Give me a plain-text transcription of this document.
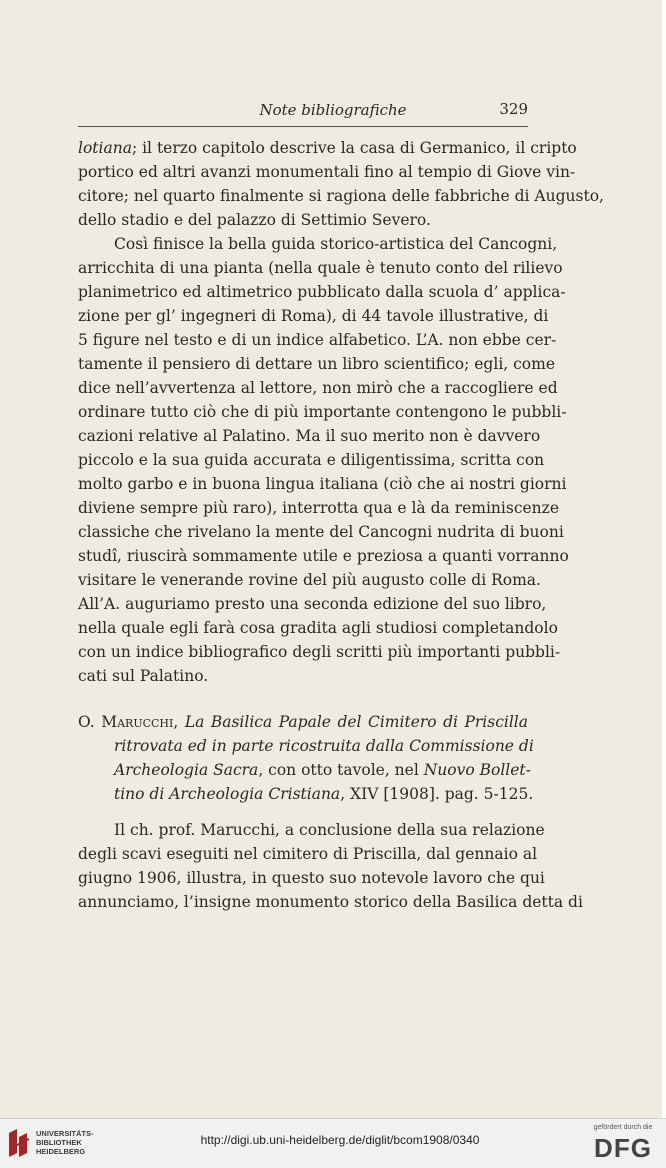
Note bibliografiche	329
lotiana; il terzo capitolo descrive la casa di Germanico, il cripto
portico ed altri avanzi monumentali fino al tempio di Giove vin-
citore; nel quarto finalmente si ragiona delle fabbriche di Augusto,
dello stadio e del palazzo di Settimio Severo.
Così finisce la bella guida storico-artistica del Cancogni,
arricchita di una pianta (nella quale è tenuto conto del rilievo
planimetrico ed altimetrico pubblicato dalla scuola d’ applica-
zione per gl’ ingegneri di Roma), di 44 tavole illustrative, di
5 figure nel testo e di un indice alfabetico. L’A. non ebbe cer-
tamente il pensiero di dettare un libro scientifico; egli, come
dice nell’avvertenza al lettore, non mirò che a raccogliere ed
ordinare tutto ciò che di più importante contengono le pubbli-
cazioni relative al Palatino. Ma il suo merito non è davvero
piccolo e la sua guida accurata e diligentissima, scritta con
molto garbo e in buona lingua italiana (ciò che ai nostri giorni
diviene sempre più raro), interrotta qua e là da reminiscenze
classiche che rivelano la mente del Cancogni nudrita di buoni
studî, riuscirà sommamente utile e preziosa a quanti vorranno
visitare le venerande rovine del più augusto colle di Roma.
All’A. auguriamo presto una seconda edizione del suo libro,
nella quale egli farà cosa gradita agli studiosi completandolo
con un indice bibliografico degli scritti più importanti pubbli-
cati sul Palatino.
O. Marucchi, La Basilica Papale del Cimitero di Priscilla
ritrovata ed in parte ricostruita dalla Commissione di
Archeologia Sacra, con otto tavole, nel Nuovo Bollet-
tino di Archeologia Cristiana, XIV [1908]. pag. 5-125.
Il ch. prof. Marucchi, a conclusione della sua relazione
degli scavi eseguiti nel cimitero di Priscilla, dal gennaio al
giugno 1906, illustra, in questo suo notevole lavoro che qui
annunciamo, l’insigne monumento storico della Basilica detta di
UNIVERSITÄTS-
BIBLIOTHEK
HEIDELBERG
http://digi.ub.uni-heidelberg.de/diglit/bcom1908/0340
gefördert durch die
DFG
